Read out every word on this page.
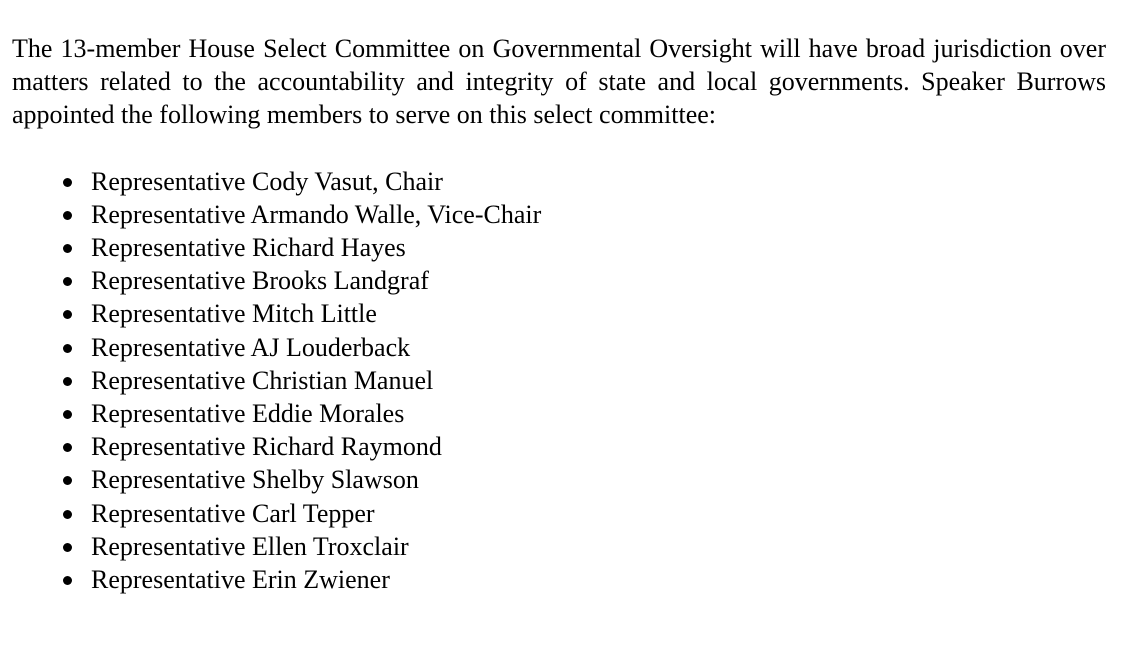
The 13-member House Select Committee on Governmental Oversight will have broad jurisdiction over matters related to the accountability and integrity of state and local governments. Speaker Burrows appointed the following members to serve on this select committee:

Representative Cody Vasut, Chair
Representative Armando Walle, Vice-Chair
Representative Richard Hayes
Representative Brooks Landgraf
Representative Mitch Little
Representative AJ Louderback
Representative Christian Manuel
Representative Eddie Morales
Representative Richard Raymond
Representative Shelby Slawson
Representative Carl Tepper
Representative Ellen Troxclair
Representative Erin Zwiener
